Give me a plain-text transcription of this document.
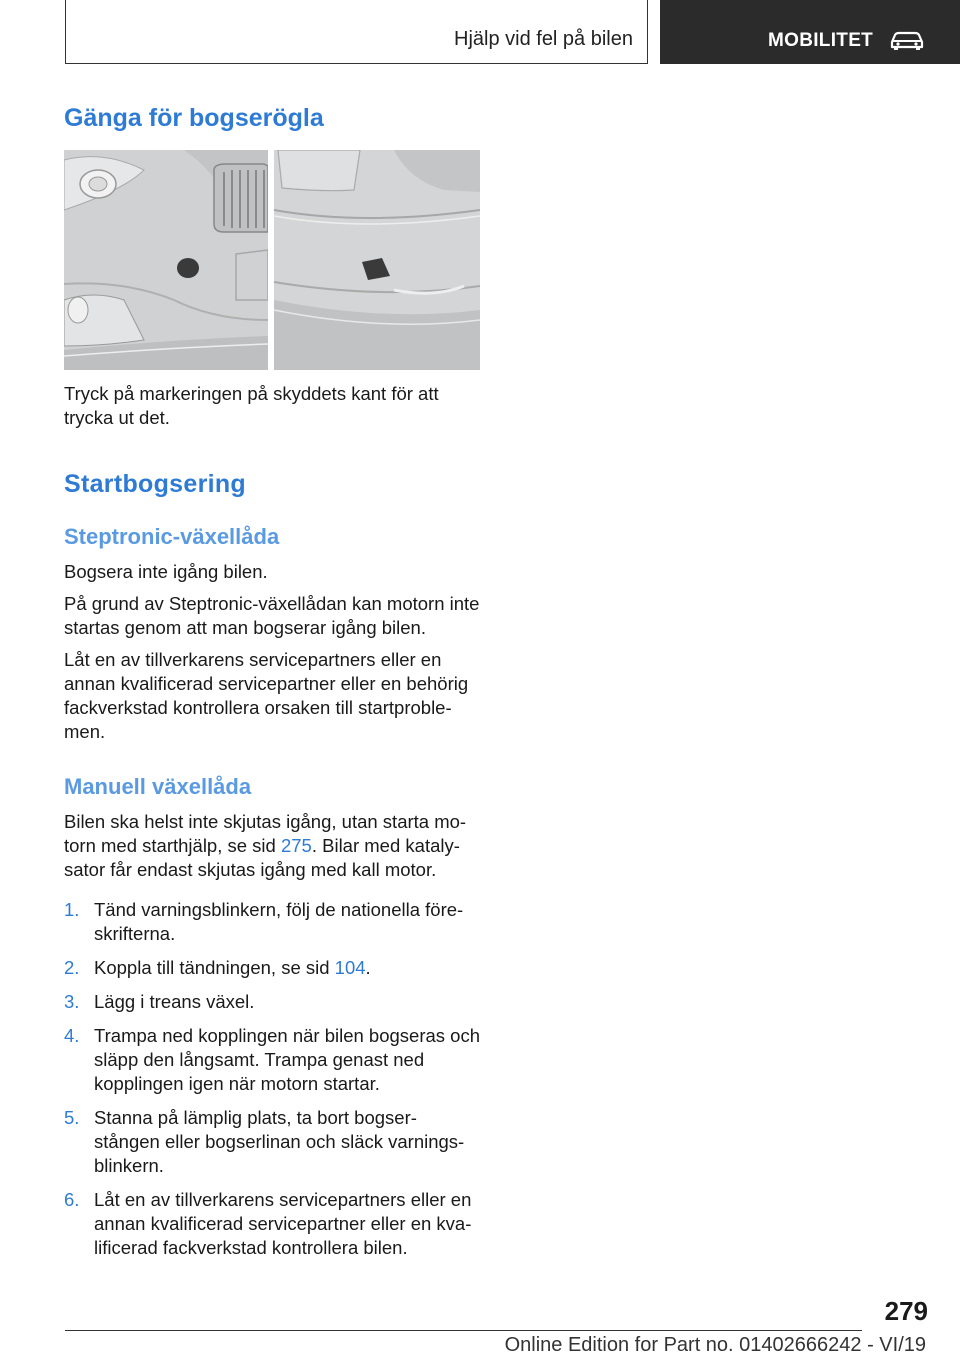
Hjälp vid fel på bilen	MOBILITET
Gänga för bogserögla

Tryck på markeringen på skyddets kant för att trycka ut det.

Startbogsering
Steptronic-växellåda

Bogsera inte igång bilen.

På grund av Steptronic-växellådan kan motorn inte startas genom att man bogserar igång bilen.

Låt en av tillverkarens servicepartners eller en annan kvalificerad servicepartner eller en behörig fackverkstad kontrollera orsaken till startproble‐ men.

Manuell växellåda

Bilen ska helst inte skjutas igång, utan starta mo‐ torn med starthjälp, se sid 275. Bilar med kataly‐ sator får endast skjutas igång med kall motor.

1. Tänd varningsblinkern, följ de nationella före‐ skrifterna.
2. Koppla till tändningen, se sid 104.
3. Lägg i treans växel.
4. Trampa ned kopplingen när bilen bogseras och släpp den långsamt. Trampa genast ned kopplingen igen när motorn startar.
5. Stanna på lämplig plats, ta bort bogser‐ stången eller bogserlinan och släck varnings‐ blinkern.
6. Låt en av tillverkarens servicepartners eller en annan kvalificerad servicepartner eller en kva‐ lificerad fackverkstad kontrollera bilen.
279
Online Edition for Part no. 01402666242 - VI/19
